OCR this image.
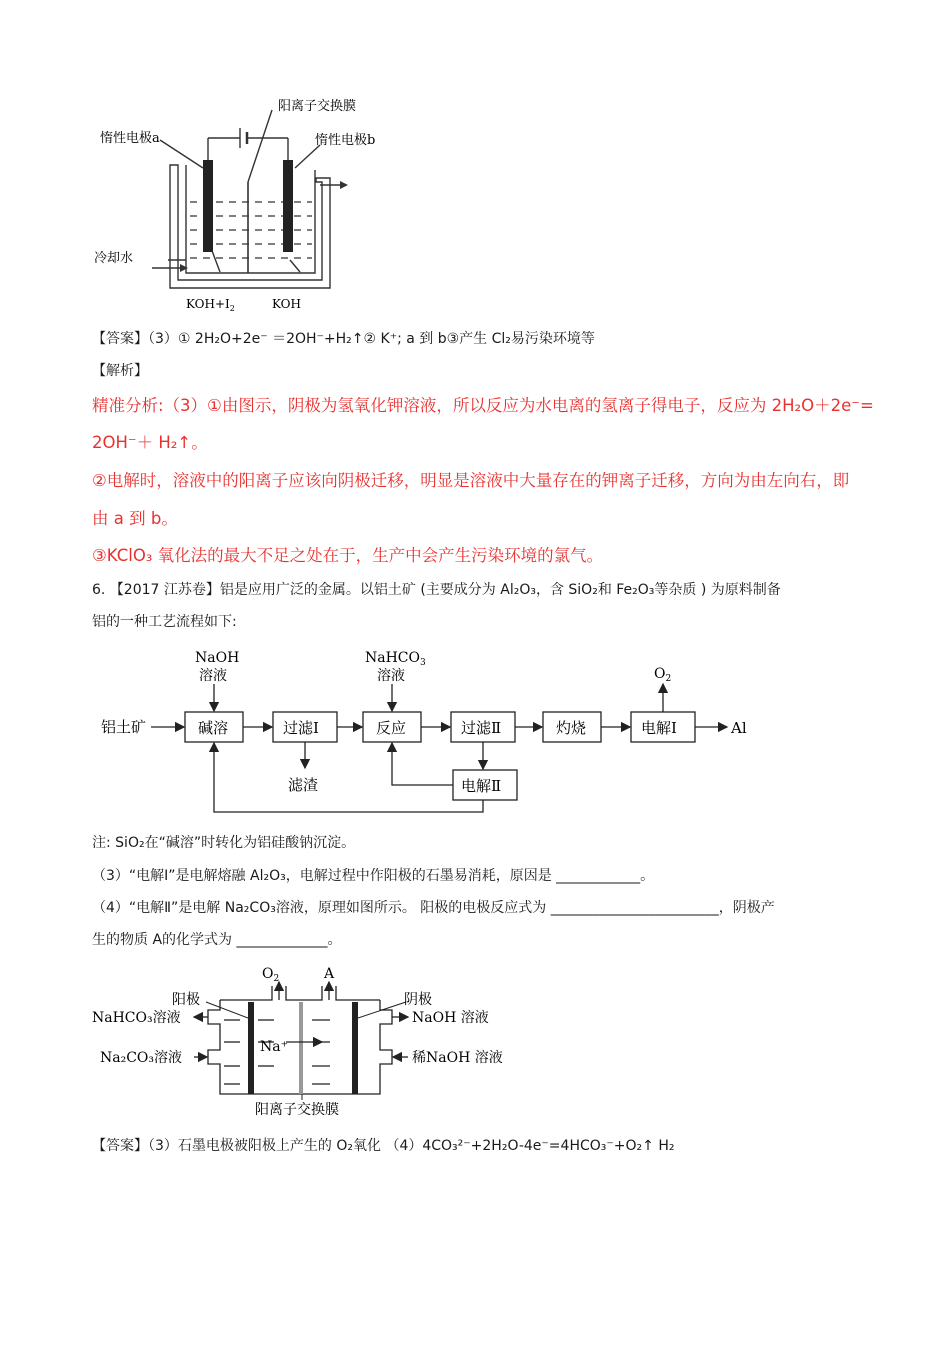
阳离子交换膜
惰性电极a	惰性电极b
冷却水
$KOH+I_2$	KOH
【答案】（3）① 2H₂O+2e⁻ ＝2OH⁻+H₂↑② K⁺; a 到 b③产生 Cl₂易污染环境等
【解析】
精准分析:（3）①由图示，阴极为氢氧化钾溶液，所以反应为水电离的氢离子得电子，反应为 2H₂O＋2e⁻=
2OH⁻＋ H₂↑。
②电解时，溶液中的阳离子应该向阴极迁移，明显是溶液中大量存在的钾离子迁移，方向为由左向右，即
由 a 到 b。
③KClO₃ 氧化法的最大不足之处在于，生产中会产生污染环境的氯气。
6. 【2017 江苏卷】铝是应用广泛的金属。以铝土矿 (主要成分为 Al₂O₃，含 SiO₂和 Fe₂O₃等杂质 ) 为原料制备
铝的一种工艺流程如下:
铝土矿
NaOH
溶液
NaHCO$_3$
溶液
碱溶	过滤Ⅰ	反应	过滤Ⅱ	灼烧	电解Ⅰ
电解Ⅱ
滤渣
$O_2$
Al
注: SiO₂在“碱溶”时转化为铝硅酸钠沉淀。
（3）“电解Ⅰ”是电解熔融 Al₂O₃，电解过程中作阳极的石墨易消耗，原因是 ____________。
（4）“电解Ⅱ”是电解 Na₂CO₃溶液，原理如图所示。 阳极的电极反应式为 ________________________，阴极产
生的物质 A的化学式为 _____________。
$O_2$	A
阳极	阴极
NaHCO₃溶液
Na₂CO₃溶液
NaOH 溶液
稀NaOH 溶液
Na⁺
阳离子交换膜
【答案】（3）石墨电极被阳极上产生的 O₂氧化 （4）4CO₃²⁻+2H₂O-4e⁻=4HCO₃⁻+O₂↑ H₂
